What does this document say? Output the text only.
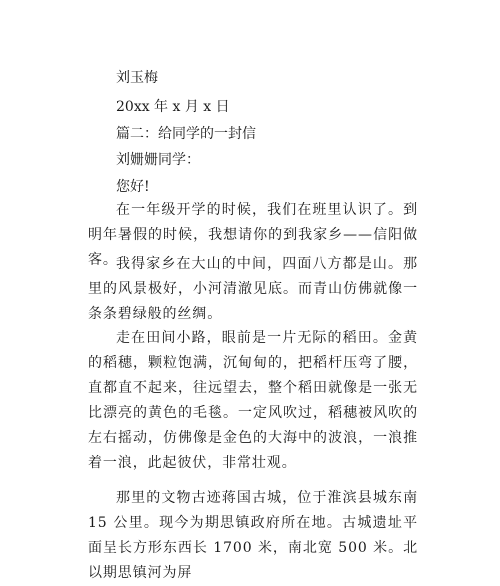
刘玉梅
20xx 年 x 月 x 日
篇二：给同学的一封信
刘姗姗同学：
您好!
在一年级开学的时候，我们在班里认识了。到明年暑假的时候，我想请你的到我家乡——信阳做客。
我得家乡在大山的中间，四面八方都是山。那里的风景极好，小河清澈见底。而青山仿佛就像一条条碧绿般的丝绸。
走在田间小路，眼前是一片无际的稻田。金黄的稻穗，颗粒饱满，沉甸甸的，把稻杆压弯了腰，直都直不起来，往远望去，整个稻田就像是一张无比漂亮的黄色的毛毯。一定风吹过，稻穗被风吹的左右摇动，仿佛像是金色的大海中的波浪，一浪推着一浪，此起彼伏，非常壮观。
那里的文物古迹蒋国古城，位于淮滨县城东南 15 公里。现今为期思镇政府所在地。古城遗址平面呈长方形东西长 1700 米，南北宽 500 米。北以期思镇河为屏
